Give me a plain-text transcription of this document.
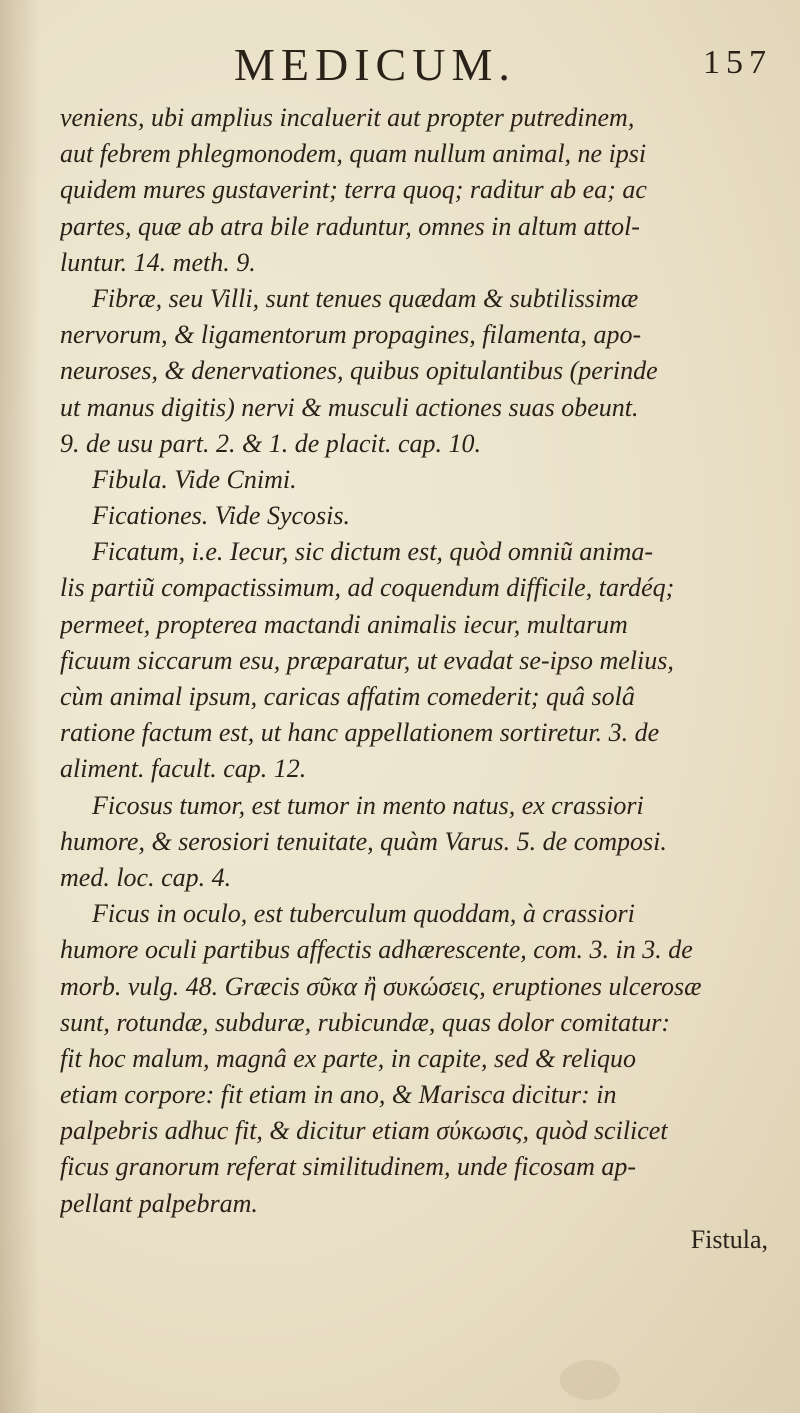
MEDICUM.	157
veniens, ubi amplius incaluerit aut propter putredinem,
aut febrem phlegmonodem, quam nullum animal, ne ipsi
quidem mures gustaverint; terra quoq; raditur ab ea; ac
partes, quæ ab atra bile raduntur, omnes in altum attol-
luntur. 14. meth. 9.
Fibræ, seu Villi, sunt tenues quædam & subtilissimæ
nervorum, & ligamentorum propagines, filamenta, apo-
neuroses, & denervationes, quibus opitulantibus (perinde
ut manus digitis) nervi & musculi actiones suas obeunt.
9. de usu part. 2. & 1. de placit. cap. 10.
Fibula. Vide Cnimi.
Ficationes. Vide Sycosis.
Ficatum, i.e. Iecur, sic dictum est, quòd omniũ anima-
lis partiũ compactissimum, ad coquendum difficile, tardéq;
permeet, propterea mactandi animalis iecur, multarum
ficuum siccarum esu, præparatur, ut evadat se-ipso melius,
cùm animal ipsum, caricas affatim comederit; quâ solâ
ratione factum est, ut hanc appellationem sortiretur. 3. de
aliment. facult. cap. 12.
Ficosus tumor, est tumor in mento natus, ex crassiori
humore, & serosiori tenuitate, quàm Varus. 5. de composi.
med. loc. cap. 4.
Ficus in oculo, est tuberculum quoddam, à crassiori
humore oculi partibus affectis adhærescente, com. 3. in 3. de
morb. vulg. 48. Græcis σῦκα ἢ συκώσεις, eruptiones ulcerosæ
sunt, rotundæ, subduræ, rubicundæ, quas dolor comitatur:
fit hoc malum, magnâ ex parte, in capite, sed & reliquo
etiam corpore: fit etiam in ano, & Marisca dicitur: in
palpebris adhuc fit, & dicitur etiam σύκωσις, quòd scilicet
ficus granorum referat similitudinem, unde ficosam ap-
pellant palpebram.
Fistula,
